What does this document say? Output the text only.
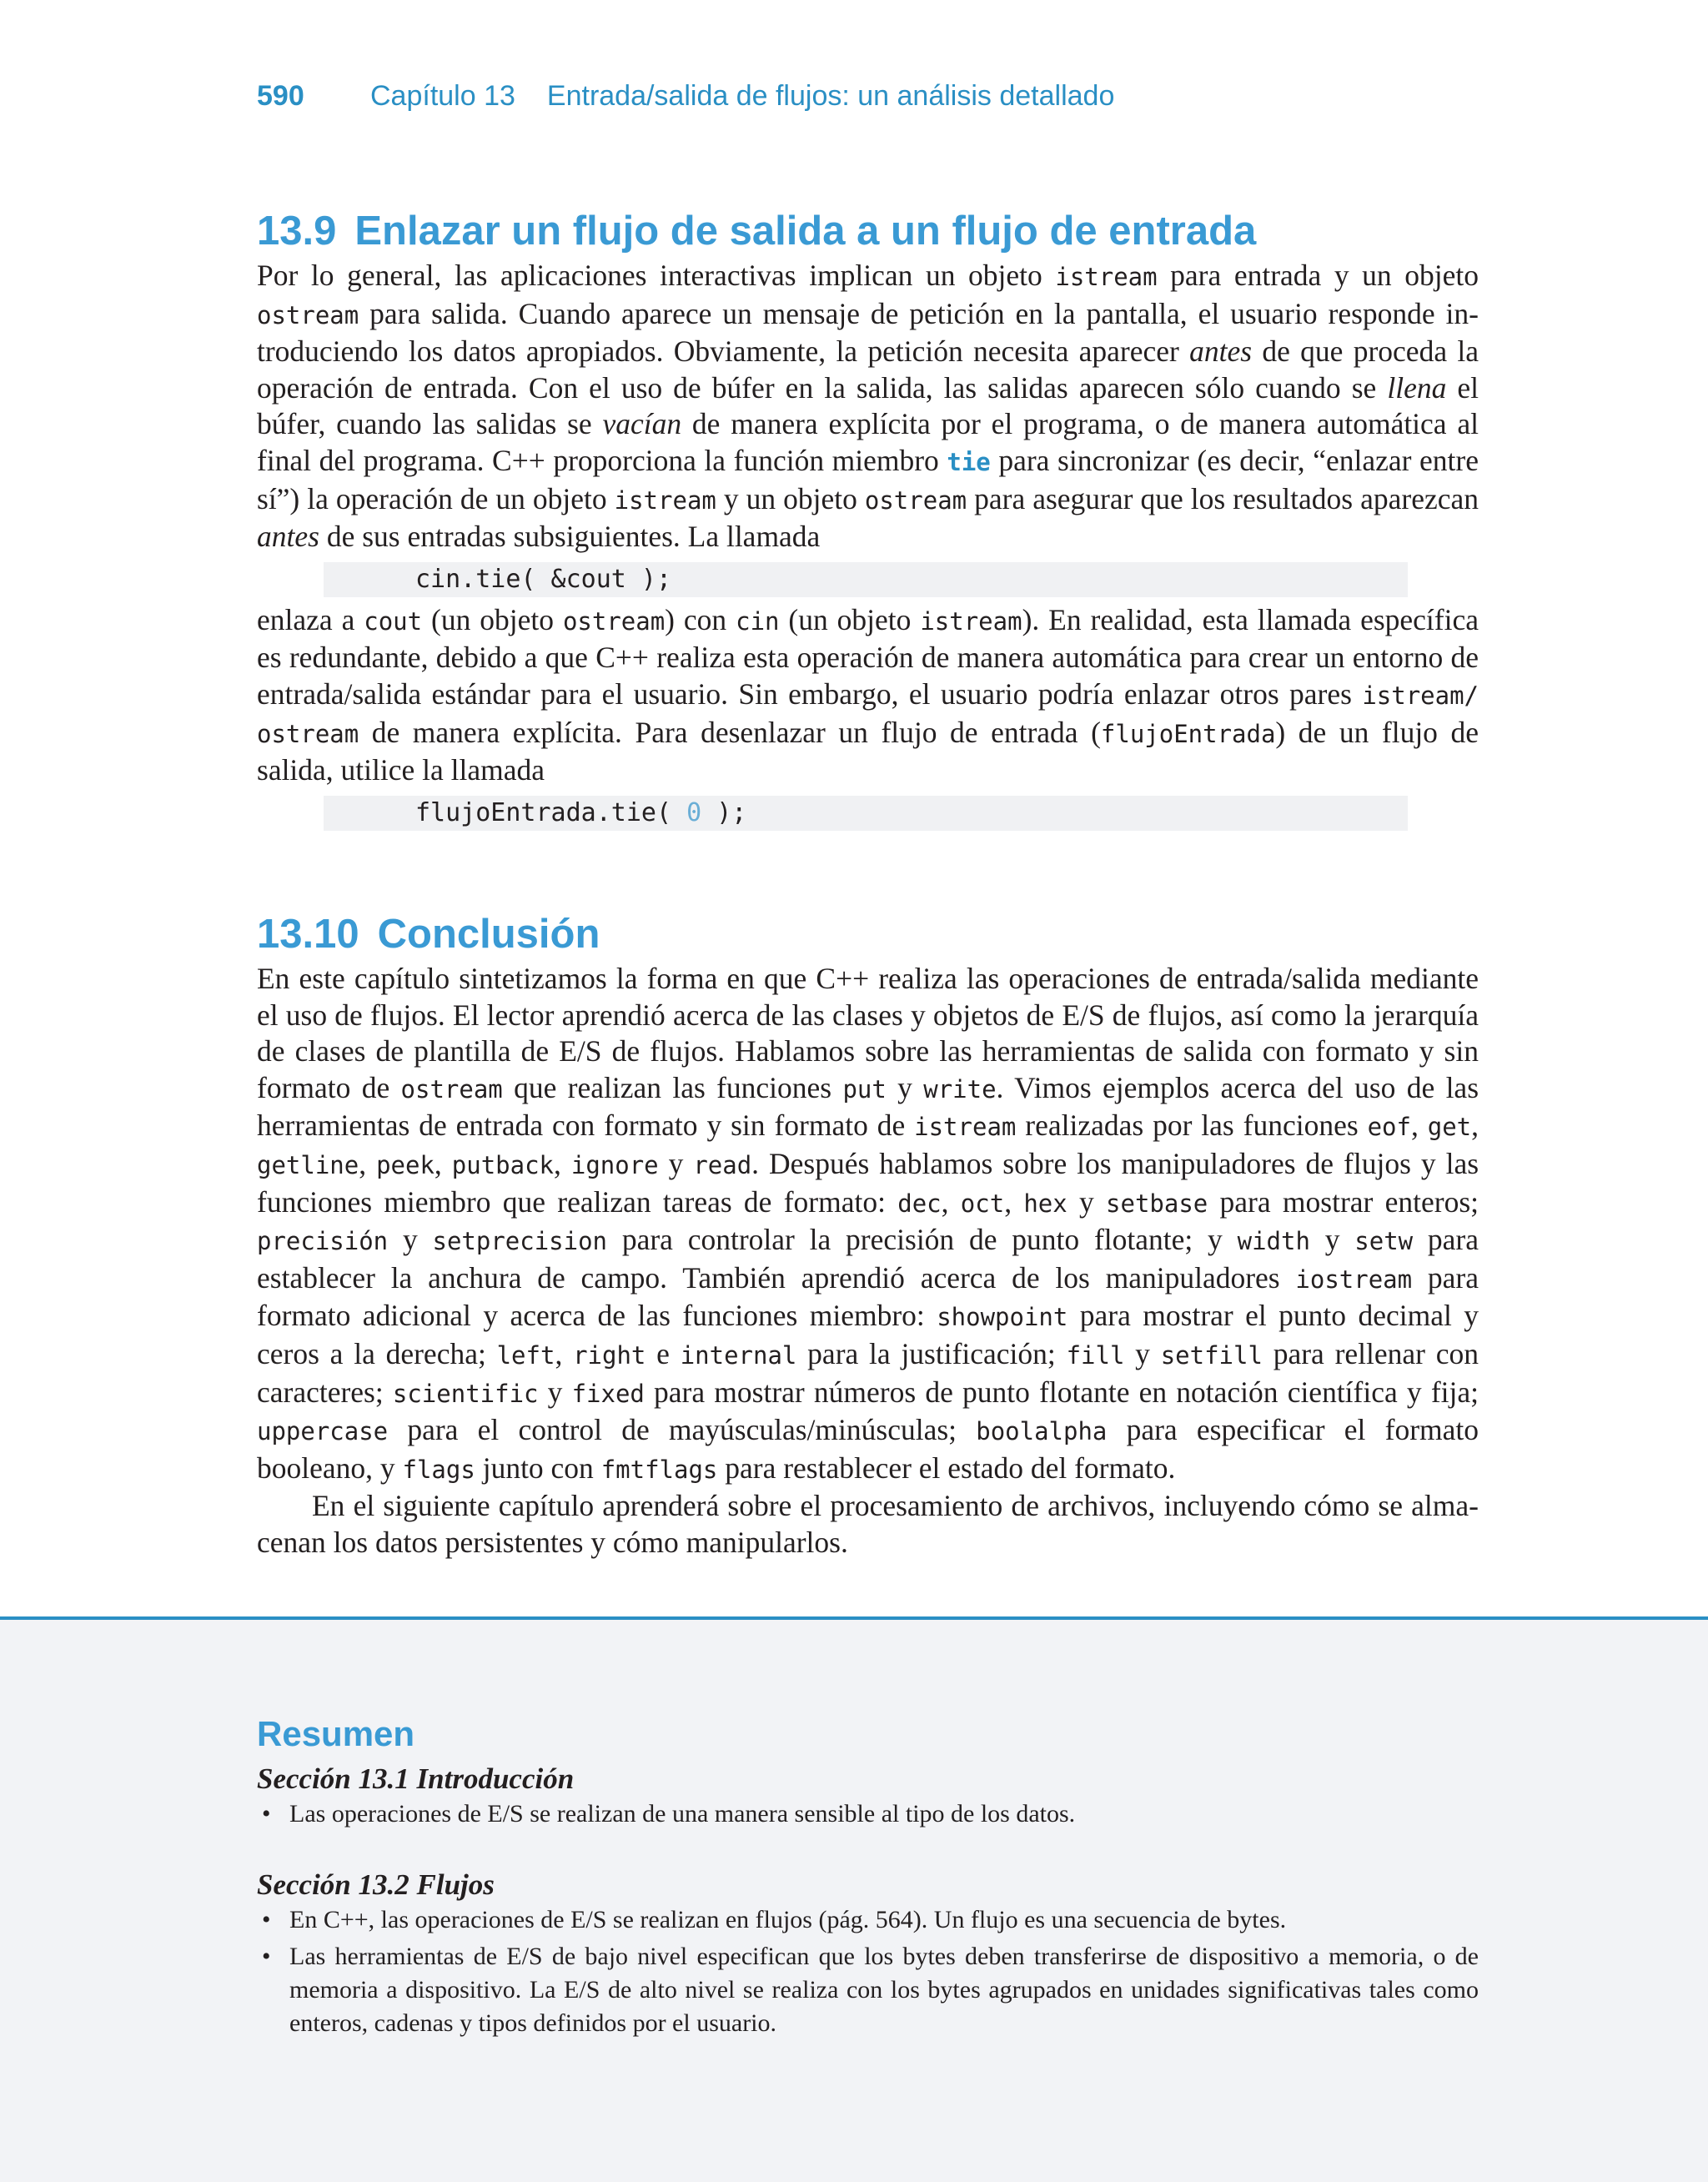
590 Capítulo 13 Entrada/salida de flujos: un análisis detallado
13.9 Enlazar un flujo de salida a un flujo de entrada

Por lo general, las aplicaciones interactivas implican un objeto istream para entrada y un objeto ostream para salida. Cuando aparece un mensaje de petición en la pantalla, el usuario responde introduciendo los datos apropiados. Obviamente, la petición necesita aparecer antes de que proceda la operación de entrada. Con el uso de búfer en la salida, las salidas aparecen sólo cuando se llena el búfer, cuando las salidas se vacían de manera explícita por el programa, o de manera automática al final del programa. C++ proporciona la función miembro tie para sincronizar (es decir, “enlazar entre sí”) la operación de un objeto istream y un objeto ostream para asegurar que los resultados aparezcan antes de sus entradas subsiguientes. La llamada

cin.tie( &cout );

enlaza a cout (un objeto ostream) con cin (un objeto istream). En realidad, esta llamada específica es redundante, debido a que C++ realiza esta operación de manera automática para crear un entorno de entrada/salida estándar para el usuario. Sin embargo, el usuario podría enlazar otros pares istream/ ostream de manera explícita. Para desenlazar un flujo de entrada (flujoEntrada) de un flujo de salida, utilice la llamada

flujoEntrada.tie( 0 );
13.10 Conclusión

En este capítulo sintetizamos la forma en que C++ realiza las operaciones de entrada/salida mediante el uso de flujos. El lector aprendió acerca de las clases y objetos de E/S de flujos, así como la jerarquía de clases de plantilla de E/S de flujos. Hablamos sobre las herramientas de salida con formato y sin formato de ostream que realizan las funciones put y write. Vimos ejemplos acerca del uso de las herramientas de entrada con formato y sin formato de istream realizadas por las funciones eof, get, getline, peek, putback, ignore y read. Después hablamos sobre los manipuladores de flujos y las funciones miembro que realizan tareas de formato: dec, oct, hex y setbase para mostrar enteros; precisión y setprecision para controlar la precisión de punto flotante; y width y setw para establecer la anchura de campo. También aprendió acerca de los manipuladores iostream para formato adicional y acerca de las funciones miembro: showpoint para mostrar el punto decimal y ceros a la derecha; left, right e internal para la justificación; fill y setfill para rellenar con caracteres; scientific y fixed para mostrar números de punto flotante en notación científica y fija; uppercase para el control de mayúsculas/minúsculas; boolalpha para especificar el formato booleano, y flags junto con fmtflags para restablecer el estado del formato.

En el siguiente capítulo aprenderá sobre el procesamiento de archivos, incluyendo cómo se almacenan los datos persistentes y cómo manipularlos.

Resumen
Sección 13.1 Introducción
• Las operaciones de E/S se realizan de una manera sensible al tipo de los datos.
Sección 13.2 Flujos
• En C++, las operaciones de E/S se realizan en flujos (pág. 564). Un flujo es una secuencia de bytes.
• Las herramientas de E/S de bajo nivel especifican que los bytes deben transferirse de dispositivo a memoria, o de memoria a dispositivo. La E/S de alto nivel se realiza con los bytes agrupados en unidades significativas tales como enteros, cadenas y tipos definidos por el usuario.
